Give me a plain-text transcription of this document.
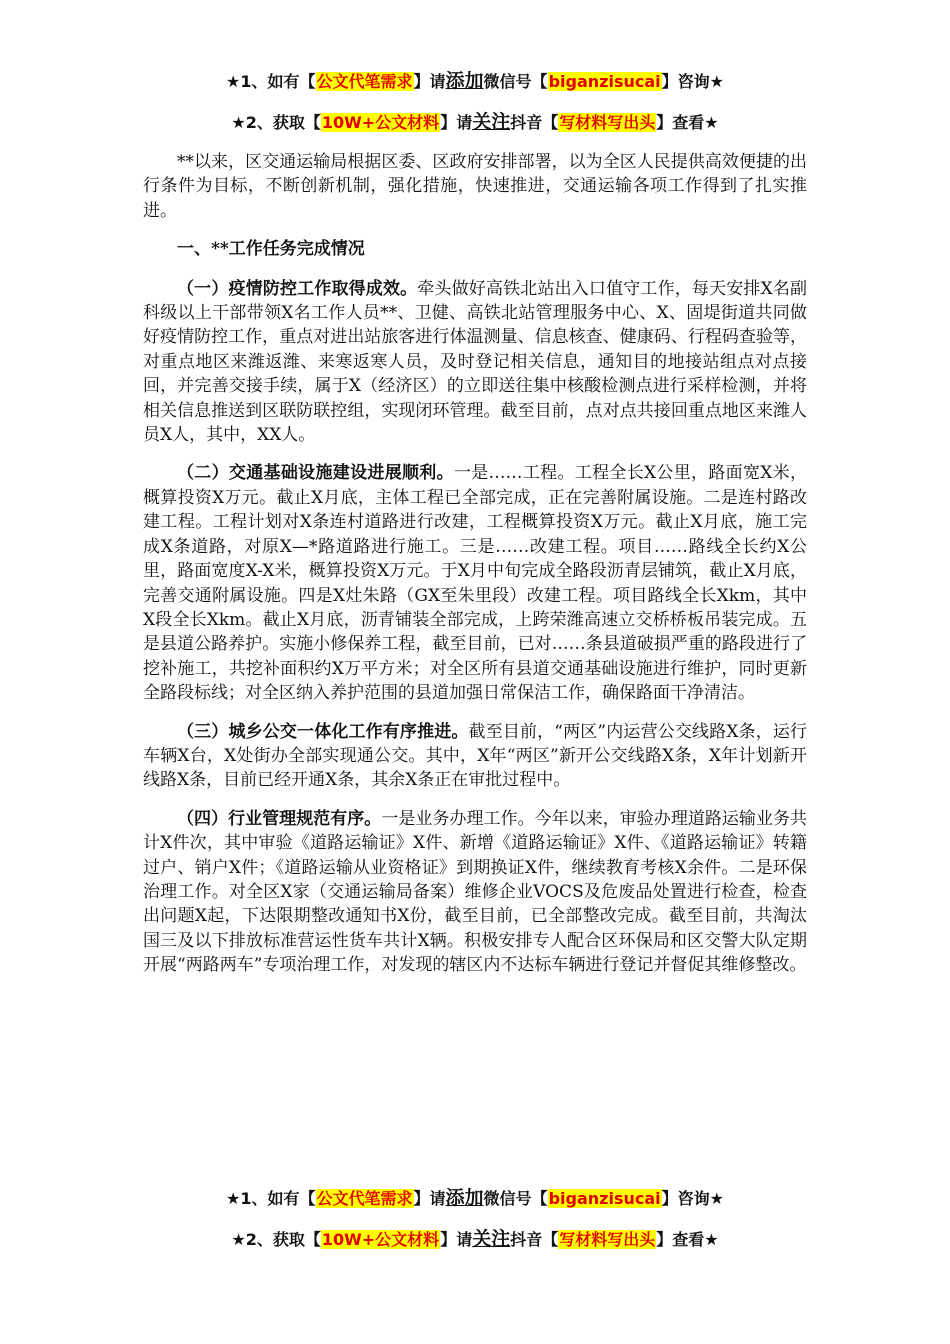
★1、如有【公文代笔需求】请添加微信号【biganzisucai】咨询★
★2、获取【10W+公文材料】请关注抖音【写材料写出头】查看★

**以来，区交通运输局根据区委、区政府安排部署，以为全区人民提供高效便捷的出行条件为目标，不断创新机制，强化措施，快速推进，交通运输各项工作得到了扎实推进。

一、**工作任务完成情况

（一）疫情防控工作取得成效。牵头做好高铁北站出入口值守工作，每天安排X名副科级以上干部带领X名工作人员**、卫健、高铁北站管理服务中心、X、固堤街道共同做好疫情防控工作，重点对进出站旅客进行体温测量、信息核查、健康码、行程码查验等，对重点地区来潍返潍、来寒返寒人员，及时登记相关信息，通知目的地接站组点对点接回，并完善交接手续，属于X（经济区）的立即送往集中核酸检测点进行采样检测，并将相关信息推送到区联防联控组，实现闭环管理。截至目前，点对点共接回重点地区来潍人员X人，其中，XX人。

（二）交通基础设施建设进展顺利。一是……工程。工程全长X公里，路面宽X米，概算投资X万元。截止X月底，主体工程已全部完成，正在完善附属设施。二是连村路改建工程。工程计划对X条连村道路进行改建，工程概算投资X万元。截止X月底，施工完成X条道路，对原X—*路道路进行施工。三是……改建工程。项目……路线全长约X公里，路面宽度X-X米，概算投资X万元。于X月中旬完成全路段沥青层铺筑，截止X月底，完善交通附属设施。四是X灶朱路（GX至朱里段）改建工程。项目路线全长Xkm，其中X段全长Xkm。截止X月底，沥青铺装全部完成，上跨荣潍高速立交桥桥板吊装完成。五是县道公路养护。实施小修保养工程，截至目前，已对……条县道破损严重的路段进行了挖补施工，共挖补面积约X万平方米；对全区所有县道交通基础设施进行维护，同时更新全路段标线；对全区纳入养护范围的县道加强日常保洁工作，确保路面干净清洁。

（三）城乡公交一体化工作有序推进。截至目前，“两区”内运营公交线路X条，运行车辆X台，X处街办全部实现通公交。其中，X年“两区”新开公交线路X条，X年计划新开线路X条，目前已经开通X条，其余X条正在审批过程中。

（四）行业管理规范有序。一是业务办理工作。今年以来，审验办理道路运输业务共计X件次，其中审验《道路运输证》X件、新增《道路运输证》X件、《道路运输证》转籍过户、销户X件；《道路运输从业资格证》到期换证X件，继续教育考核X余件。二是环保治理工作。对全区X家（交通运输局备案）维修企业VOCS及危废品处置进行检查，检查出问题X起，下达限期整改通知书X份，截至目前，已全部整改完成。截至目前，共淘汰国三及以下排放标准营运性货车共计X辆。积极安排专人配合区环保局和区交警大队定期开展“两路两车”专项治理工作，对发现的辖区内不达标车辆进行登记并督促其维修整改。

★1、如有【公文代笔需求】请添加微信号【biganzisucai】咨询★
★2、获取【10W+公文材料】请关注抖音【写材料写出头】查看★
